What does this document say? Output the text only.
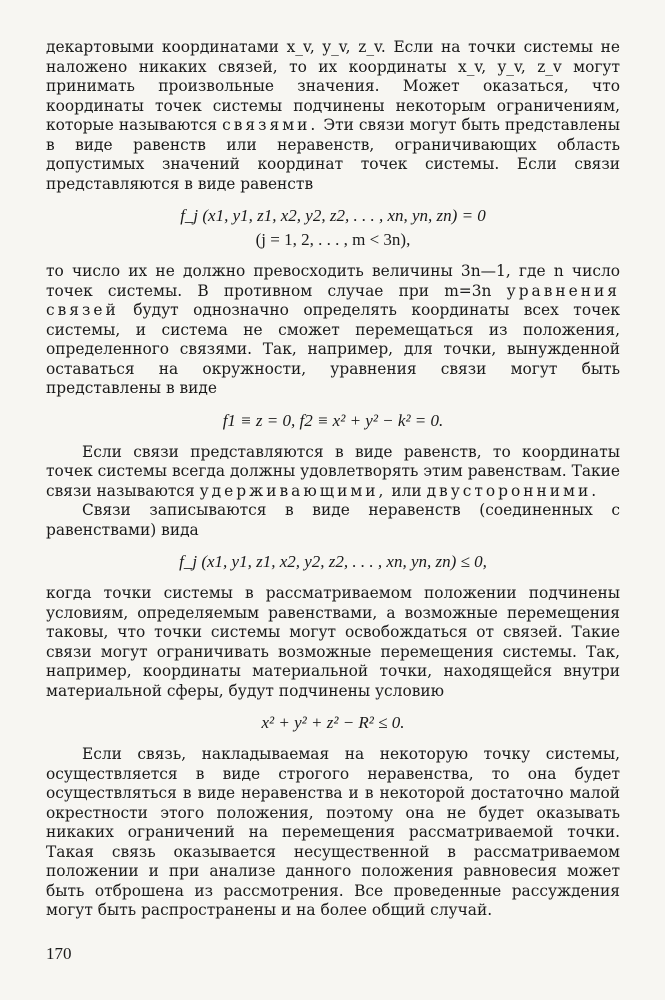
декартовыми координатами x_v, y_v, z_v. Если на точки системы не наложено никаких связей, то их координаты x_v, y_v, z_v могут принимать произвольные значения. Может оказаться, что координаты точек системы подчинены некоторым ограничениям, которые называются связями. Эти связи могут быть представлены в виде равенств или неравенств, ограничивающих область допустимых значений координат точек системы. Если связи представляются в виде равенств

f_j (x1, y1, z1, x2, y2, z2, . . . , xn, yn, zn) = 0
(j = 1, 2, . . . , m < 3n),

то число их не должно превосходить величины 3n—1, где n число точек системы. В противном случае при m=3n уравнения связей будут однозначно определять координаты всех точек системы, и система не сможет перемещаться из положения, определенного связями. Так, например, для точки, вынужденной оставаться на окружности, уравнения связи могут быть представлены в виде

f1 ≡ z = 0, f2 ≡ x² + y² − k² = 0.

Если связи представляются в виде равенств, то координаты точек системы всегда должны удовлетворять этим равенствам. Такие связи называются удерживающими, или двусторонними.

Связи записываются в виде неравенств (соединенных с равенствами) вида

f_j (x1, y1, z1, x2, y2, z2, . . . , xn, yn, zn) ≤ 0,

когда точки системы в рассматриваемом положении подчинены условиям, определяемым равенствами, а возможные перемещения таковы, что точки системы могут освобождаться от связей. Такие связи могут ограничивать возможные перемещения системы. Так, например, координаты материальной точки, находящейся внутри материальной сферы, будут подчинены условию

x² + y² + z² − R² ≤ 0.

Если связь, накладываемая на некоторую точку системы, осуществляется в виде строгого неравенства, то она будет осуществляться в виде неравенства и в некоторой достаточно малой окрестности этого положения, поэтому она не будет оказывать никаких ограничений на перемещения рассматриваемой точки. Такая связь оказывается несущественной в рассматриваемом положении и при анализе данного положения равновесия может быть отброшена из рассмотрения. Все проведенные рассуждения могут быть распространены и на более общий случай.

170
